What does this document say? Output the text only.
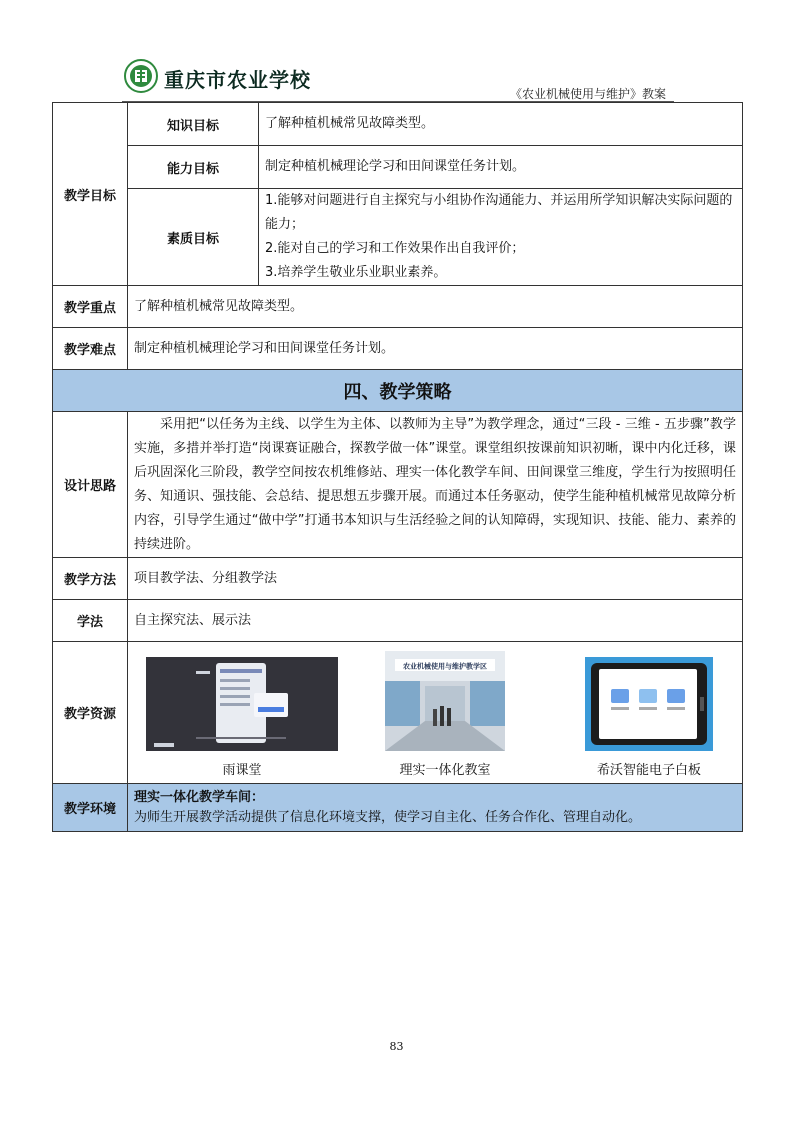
重庆市农业学校
《农业机械使用与维护》教案
教学目标	知识目标	了解种植机械常见故障类型。
	能力目标	制定种植机械理论学习和田间课堂任务计划。
	素质目标	1.能够对问题进行自主探究与小组协作沟通能力、并运用所学知识解决实际问题的能力；
2.能对自己的学习和工作效果作出自我评价；
3.培养学生敬业乐业职业素养。

教学重点	了解种植机械常见故障类型。	
教学难点	制定种植机械理论学习和田间课堂任务计划。	
四、教学策略		
设计思路	采用把“以任务为主线、以学生为主体、以教师为主导”为教学理念，通过“三段 - 三维 - 五步骤”教学实施，多措并举打造“岗课赛证融合，探教学做一体”课堂。课堂组织按课前知识初晰，课中内化迁移，课后巩固深化三阶段，教学空间按农机维修站、理实一体化教学车间、田间课堂三维度，学生行为按照明任务、知通识、强技能、会总结、提思想五步骤开展。而通过本任务驱动，使学生能种植机械常见故障分析内容，引导学生通过“做中学”打通书本知识与生活经验之间的认知障碍，实现知识、技能、能力、素养的持续进阶。	
教学方法	项目教学法、分组教学法	
学法	自主探究法、展示法	
教学资源	雨课堂
农业机械使用与维护教学区
理实一体化教室 希沃智能电子白板	

教学环境	理实一体化教学车间：
为师生开展教学活动提供了信息化环境支撑，使学习自主化、任务合作化、管理自动化。	
83
